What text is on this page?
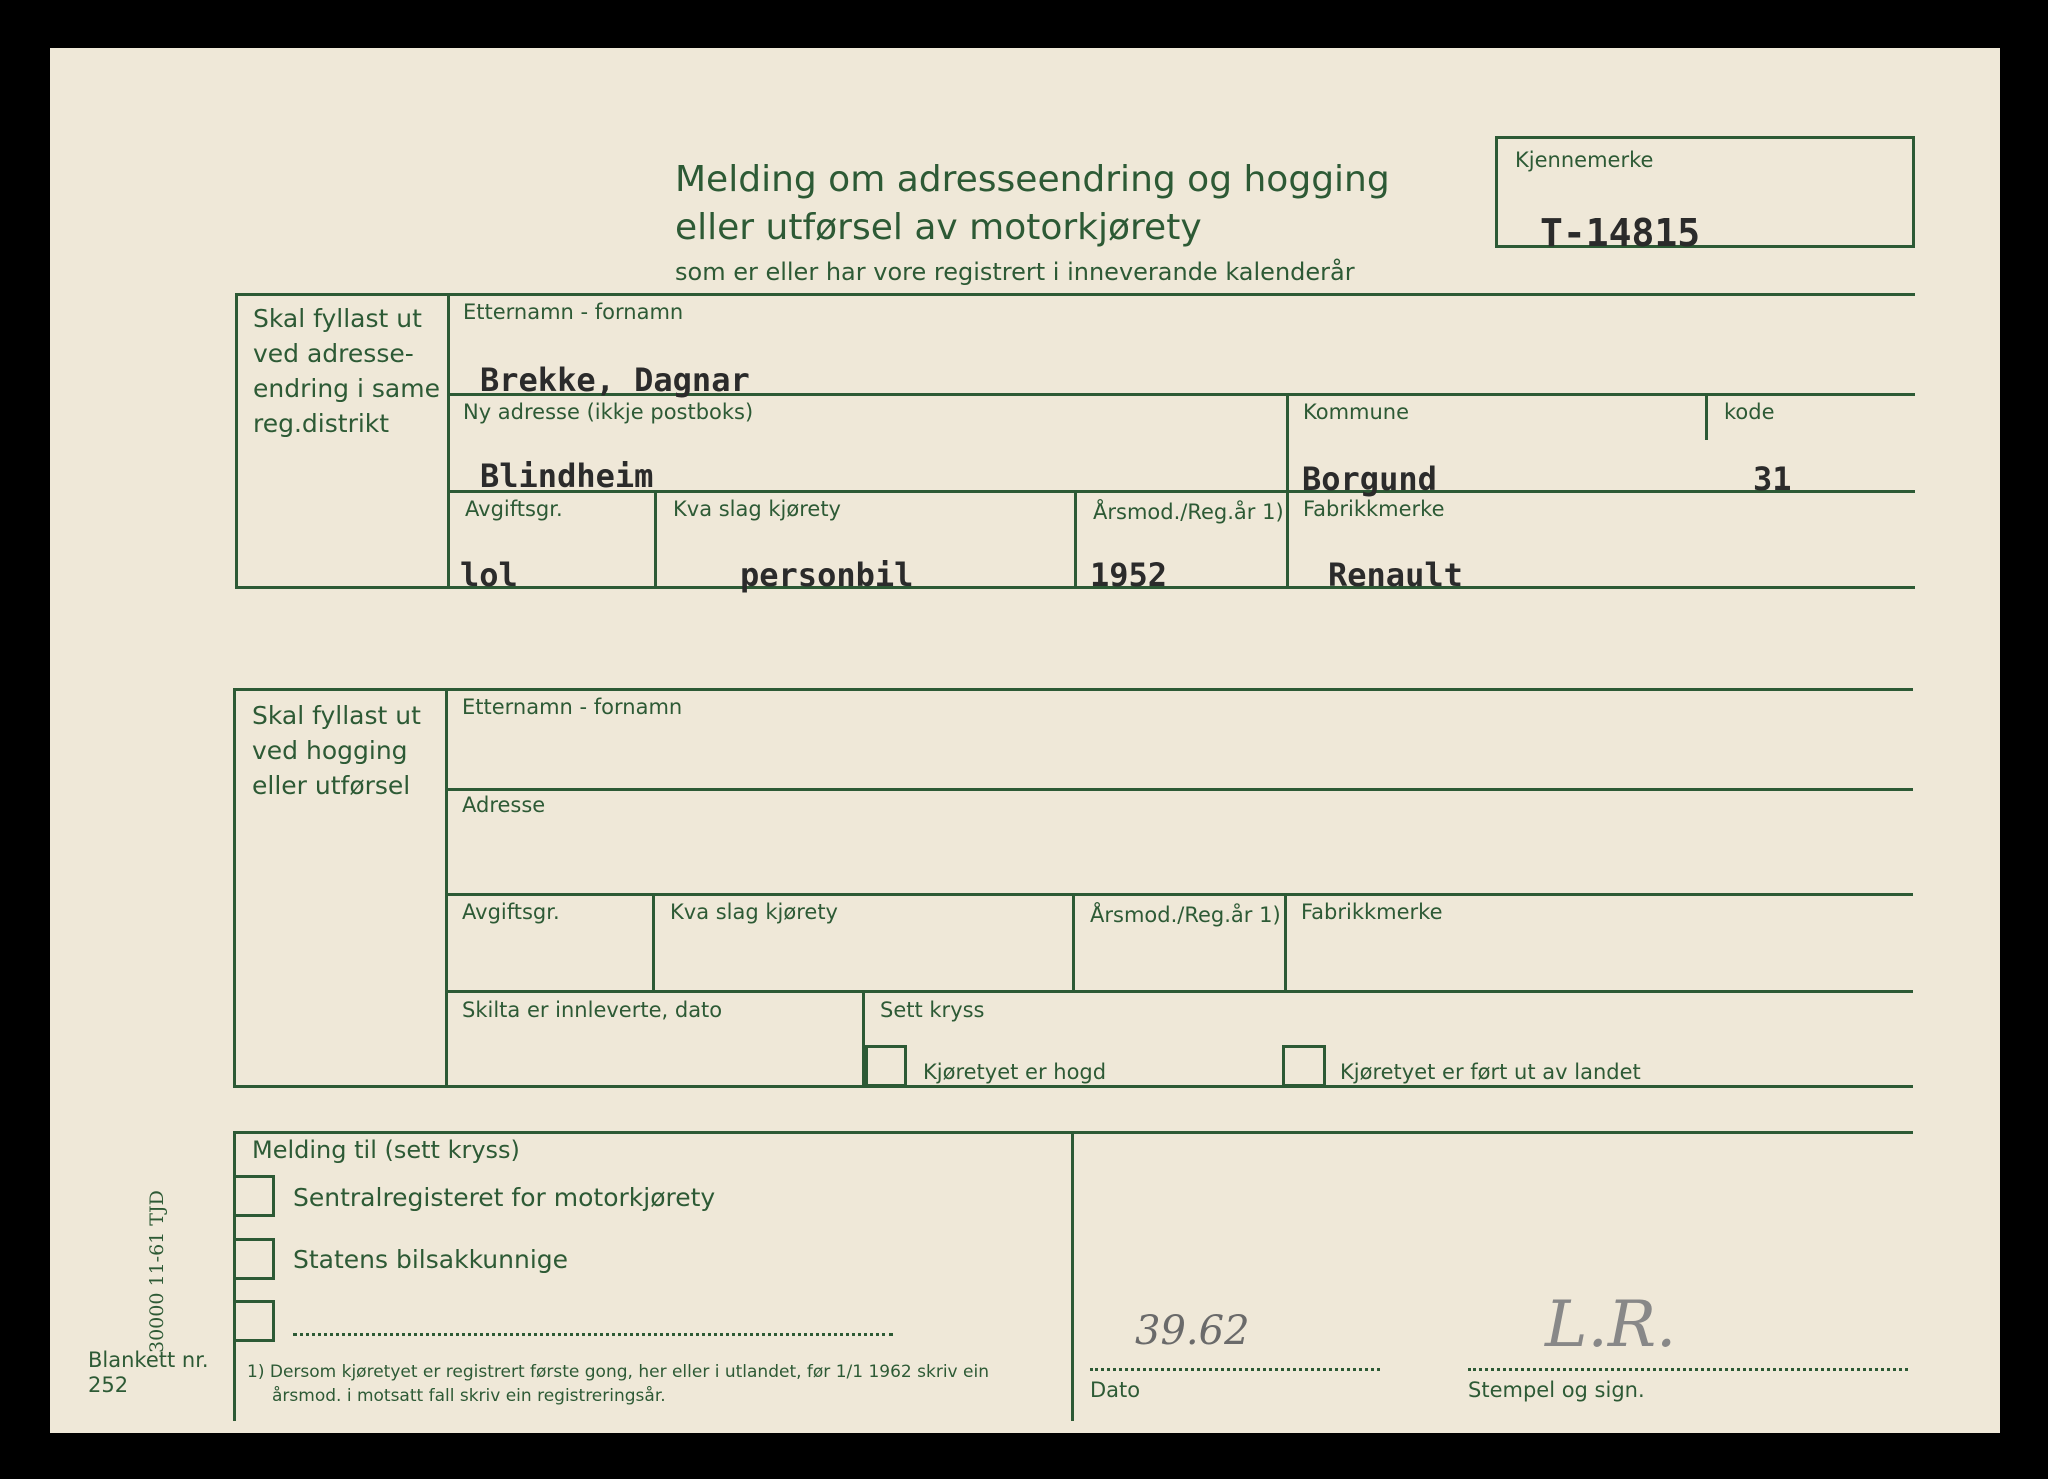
Melding om adresseendring og hogging
eller utførsel av motorkjørety
som er eller har vore registrert i inneverande kalenderår
Kjennemerke
T-14815
Skal fyllast ut
ved adresse-
endring i same
reg.distrikt
Etternamn - fornamn
Brekke, Dagnar
Ny adresse (ikkje postboks)
Blindheim
Kommune
Borgund
kode
31
Avgiftsgr.
lol
Kva slag kjørety
personbil
Årsmod./Reg.år 1)
1952
Fabrikkmerke
Renault
Skal fyllast ut
ved hogging
eller utførsel
Etternamn - fornamn
Adresse
Avgiftsgr.	Kva slag kjørety	Årsmod./Reg.år 1) Fabrikkmerke
Skilta er innleverte, dato	Sett kryss
Kjøretyet er hogd	Kjøretyet er ført ut av landet
Melding til (sett kryss)
Sentralregisteret for motorkjørety
Statens bilsakkunnige
1) Dersom kjøretyet er registrert første gong, her eller i utlandet, før 1/1 1962 skriv ein
årsmod. i motsatt fall skriv ein registreringsår.
39.62
Dato
L.R.
Stempel og sign.
30000 11-61 TJD
Blankett nr.
252
